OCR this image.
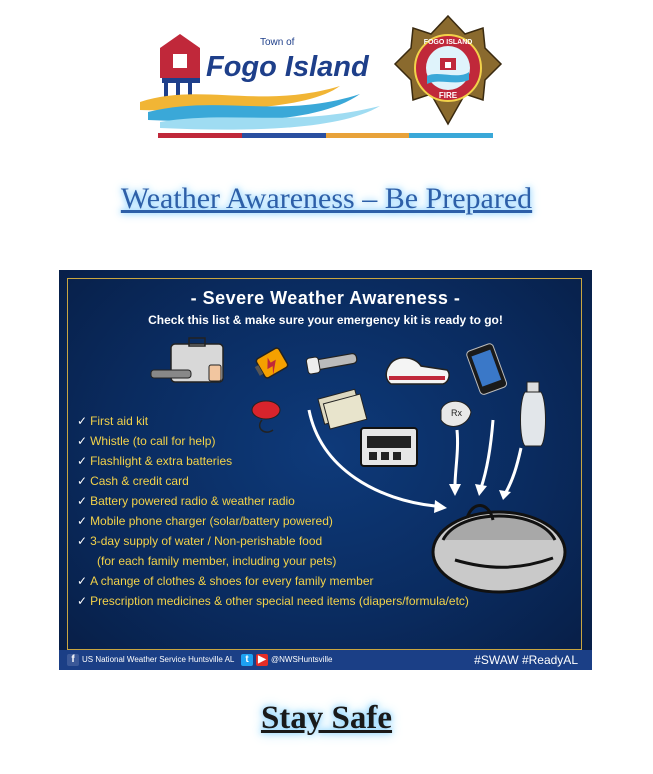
Town of
Fogo Island
FOGO ISLAND
FIRE
Weather Awareness – Be Prepared
- Severe Weather Awareness -
Check this list & make sure your emergency kit is ready to go!
Rx
✓ First aid kit
✓ Whistle (to call for help)
✓ Flashlight & extra batteries
✓ Cash & credit card
✓ Battery powered radio & weather radio
✓ Mobile phone charger (solar/battery powered)
✓ 3-day supply of water / Non-perishable food
(for each family member, including your pets)
✓ A change of clothes & shoes for every family member
✓ Prescription medicines & other special need items (diapers/formula/etc)
f US National Weather Service Huntsville AL	t ▶ @NWSHuntsville	#SWAW #ReadyAL
Stay Safe
